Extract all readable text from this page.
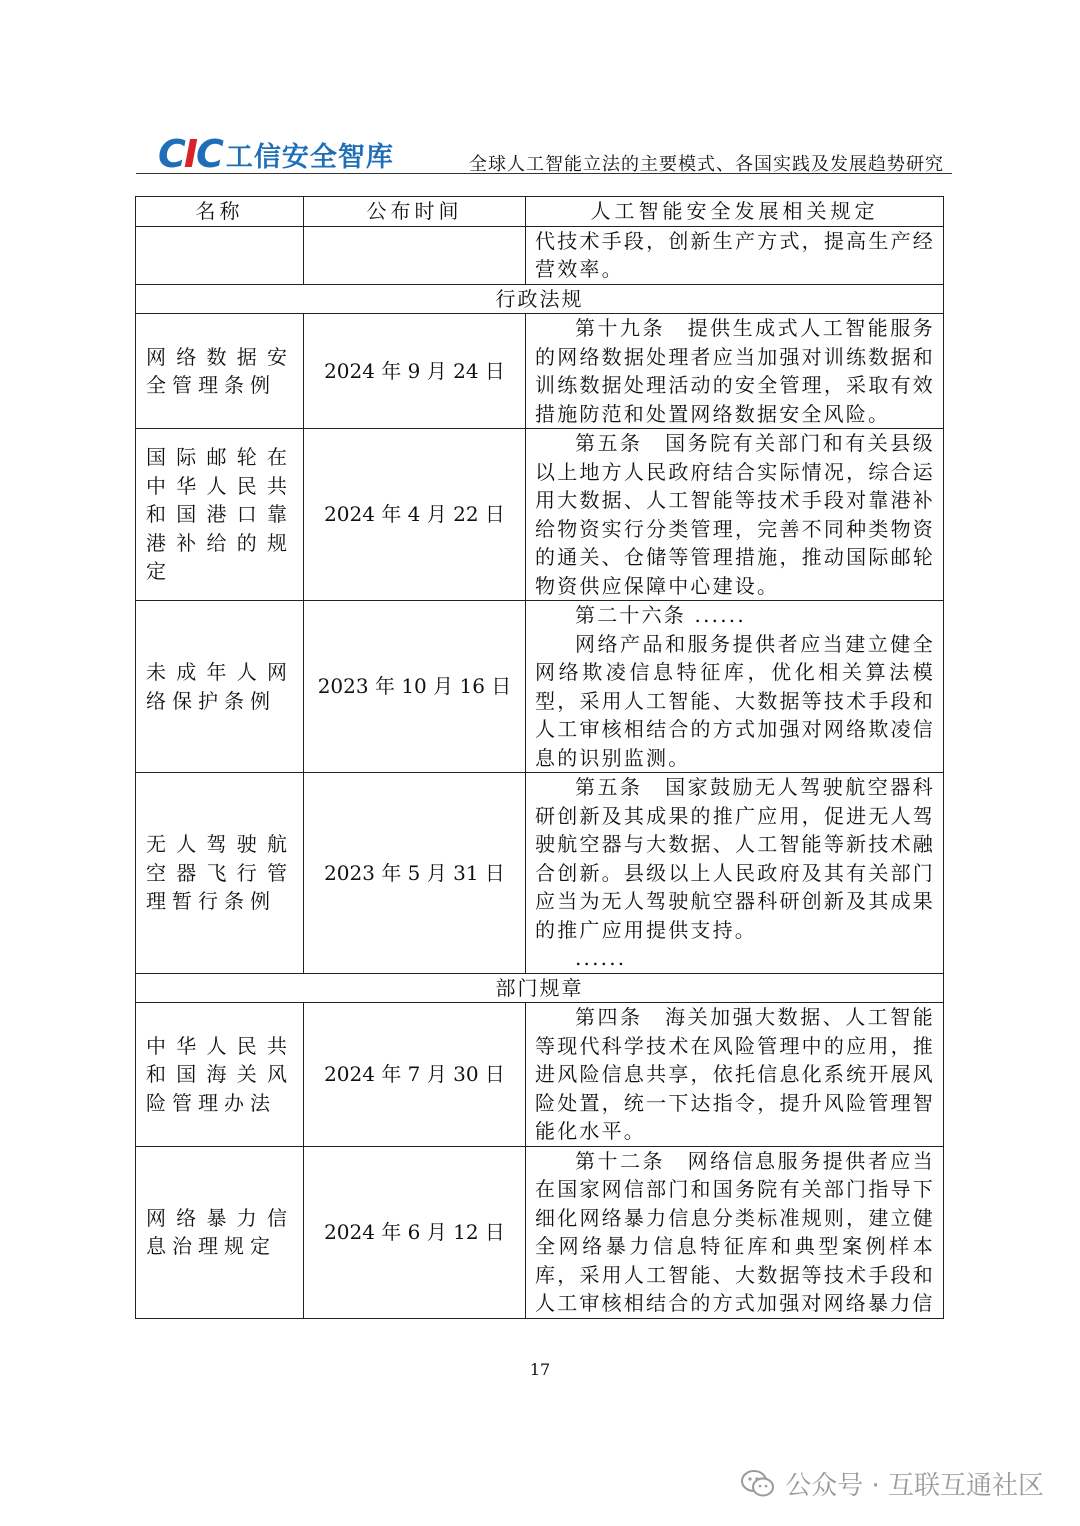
CIC 工信安全智库	全球人工智能立法的主要模式、各国实践及发展趋势研究
名称	公布时间	人工智能安全发展相关规定

		代技术手段，创新生产方式，提高生产经营效率。

行政法规		
网络数据安全管理条例	2024 年 9 月 24 日	第十九条　提供生成式人工智能服务的网络数据处理者应当加强对训练数据和训练数据处理活动的安全管理，采取有效措施防范和处置网络数据安全风险。

国际邮轮在中华人民共和国港口靠港补给的规定	2024 年 4 月 22 日	第五条　国务院有关部门和有关县级以上地方人民政府结合实际情况，综合运用大数据、人工智能等技术手段对靠港补给物资实行分类管理，完善不同种类物资的通关、仓储等管理措施，推动国际邮轮物资供应保障中心建设。

未成年人网络保护条例	2023 年 10 月 16 日	第二十六条 ......

网络产品和服务提供者应当建立健全网络欺凌信息特征库，优化相关算法模型，采用人工智能、大数据等技术手段和人工审核相结合的方式加强对网络欺凌信息的识别监测。

无人驾驶航空器飞行管理暂行条例	2023 年 5 月 31 日	第五条　国家鼓励无人驾驶航空器科研创新及其成果的推广应用，促进无人驾驶航空器与大数据、人工智能等新技术融合创新。县级以上人民政府及其有关部门应当为无人驾驶航空器科研创新及其成果的推广应用提供支持。

......

部门规章		
中华人民共和国海关风险管理办法	2024 年 7 月 30 日	第四条　海关加强大数据、人工智能等现代科学技术在风险管理中的应用，推进风险信息共享，依托信息化系统开展风险处置，统一下达指令，提升风险管理智能化水平。

网络暴力信息治理规定	2024 年 6 月 12 日	第十二条　网络信息服务提供者应当在国家网信部门和国务院有关部门指导下细化网络暴力信息分类标准规则，建立健全网络暴力信息特征库和典型案例样本库，采用人工智能、大数据等技术手段和人工审核相结合的方式加强对网络暴力信

17
公众号 · 互联互通社区
